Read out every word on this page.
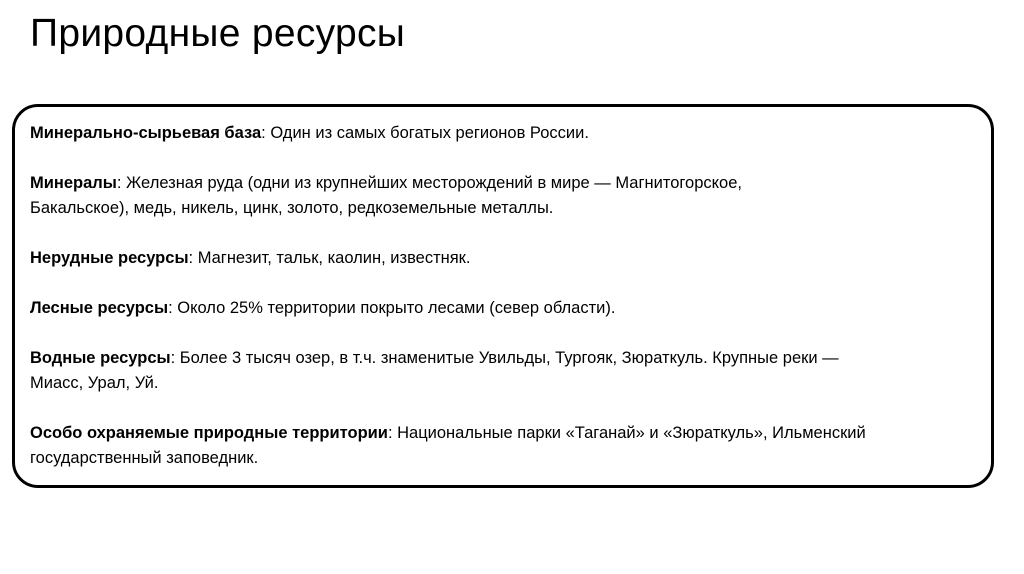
Природные ресурсы

Минерально-сырьевая база: Один из самых богатых регионов России.

Минералы: Железная руда (одни из крупнейших месторождений в мире — Магнитогорское,
Бакальское), медь, никель, цинк, золото, редкоземельные металлы.

Нерудные ресурсы: Магнезит, тальк, каолин, известняк.

Лесные ресурсы: Около 25% территории покрыто лесами (север области).

Водные ресурсы: Более 3 тысяч озер, в т.ч. знаменитые Увильды, Тургояк, Зюраткуль. Крупные реки —
Миасс, Урал, Уй.

Особо охраняемые природные территории: Национальные парки «Таганай» и «Зюраткуль», Ильменский
государственный заповедник.
